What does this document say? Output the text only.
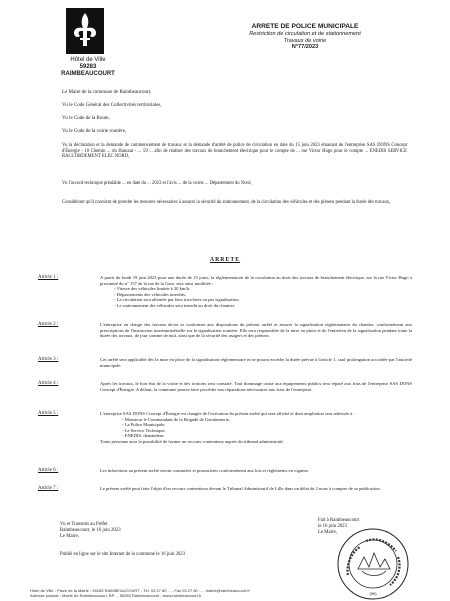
Hôtel de Ville
59283 RAIMBEAUCOURT
ARRETE DE POLICE MUNICIPALE
Restriction de circulation et de stationnement
Travaux de voirie
N°77/2023
Le Maire de la commune de Raimbeaucourt,
Vu le Code Général des Collectivités territoriales,
Vu le Code de la Route,
Vu le Code de la voirie routière,
Vu la déclaration et la demande de commencement de travaux et la demande d'arrêté de police de circulation en date du 15 juin 2023 émanant de l'entreprise SAS DONS Concept d'Énergie - 10 Chemin ... du Hainaut - ... 59 ... afin de réaliser des travaux de branchement électrique pour le compte de ... rue Victor Hugo pour le compte ... ENEDIS SERVICE RACCORDEMENT ELEC NORD,
Vu l'accord technique préalable ... en date du ... 2023 et l'avis ... de la voirie ... Département du Nord,
Considérant qu'il convient de prendre les mesures nécessaires à assurer la sécurité du stationnement, de la circulation des véhicules et des piétons pendant la durée des travaux,
ARRETE
Article 1 :	A partir du lundi 19 juin 2023 pour une durée de 15 jours, la réglementation de la circulation au droit des travaux de branchement électrique, sur la rue Victor Hugo à proximité du n° 157 de la rue de la Gare, sera ainsi modifiée :
- Vitesse des véhicules limitée à 30 km/h,
- Dépassements des véhicules interdits,
- La circulation sera alternée par feux tricolores ou par signalisation,
- Le stationnement des véhicules sera interdit au droit du chantier.
Article 2 :	L'entreprise en charge des travaux devra se conformer aux dispositions du présent arrêté et assurer la signalisation réglementaire du chantier, conformément aux prescriptions de l'instruction interministérielle sur la signalisation routière. Elle sera responsable de la mise en place et de l'entretien de la signalisation pendant toute la durée des travaux, de jour comme de nuit, ainsi que de la sécurité des usagers et des piétons.
Article 3 :	Cet arrêté sera applicable dès la mise en place de la signalisation réglementaire et ne pourra excéder la durée prévue à l'article 1, sauf prolongation accordée par l'autorité municipale.
Article 4 :	Après les travaux, le bon état de la voirie et des trottoirs sera constaté. Tout dommage causé aux équipements publics sera réparé aux frais de l'entreprise SAS DONS Concept d'Énergie. A défaut, la commune pourra faire procéder aux réparations nécessaires aux frais de l'entreprise.
Article 5 :	L'entreprise SAS DONS Concept d'Énergie est chargée de l'exécution du présent arrêté qui sera affiché et dont ampliation sera adressée à :
- Monsieur le Commandant de la Brigade de Gendarmerie,
- La Police Municipale,
- Le Service Technique,
- ENEDIS, demandeur.
Toute personne aura la possibilité de former un recours contentieux auprès du tribunal administratif.
Article 6 :	Les infractions au présent arrêté seront constatées et poursuivies conformément aux lois et règlements en vigueur.
Article 7 :	Le présent arrêté peut faire l'objet d'un recours contentieux devant le Tribunal Administratif de Lille dans un délai de 2 mois à compter de sa publication.
Vu et Transmis au Préfet
Raimbeaucourt, le 16 juin 2023
Le Maire,
Publié en ligne sur le site Internet de la commune le 16 juin 2023
Fait à Raimbeaucourt
le 16 juin 2023
Le Maire,
(59)
Hôtel de Ville - Place de la Mairie - 59283 RAIMBEAUCOURT - Tél. 03 27 80 ... - Fax 03 27 80 ... - mairie@raimbeaucourt.fr
Adresse postale : Mairie de Raimbeaucourt, BP ... 59283 Raimbeaucourt - www.raimbeaucourt.fr
